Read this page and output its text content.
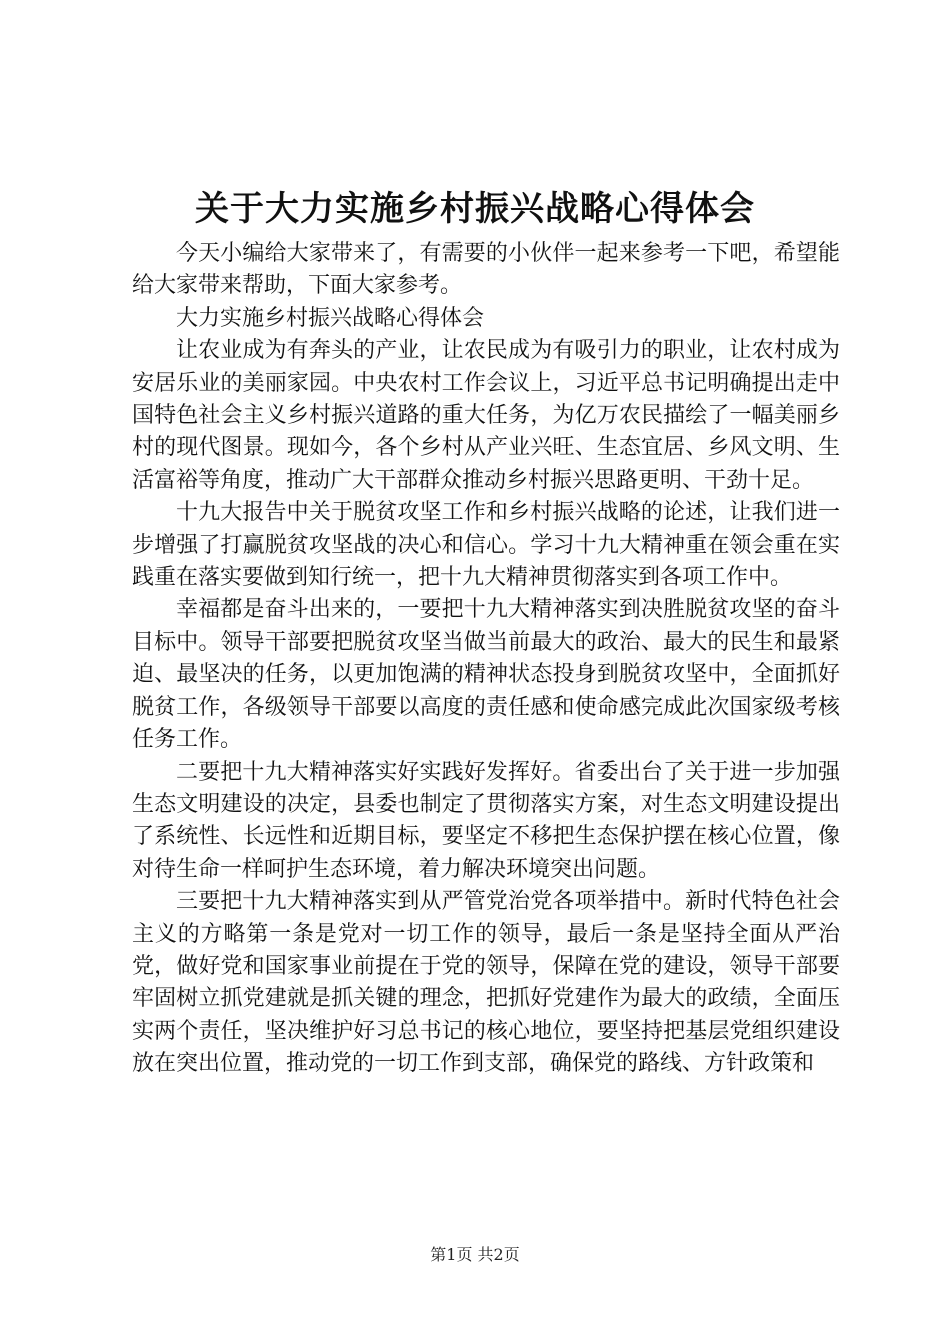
关于大力实施乡村振兴战略心得体会

今天小编给大家带来了，有需要的小伙伴一起来参考一下吧，希望能给大家带来帮助，下面大家参考。

大力实施乡村振兴战略心得体会

让农业成为有奔头的产业，让农民成为有吸引力的职业，让农村成为安居乐业的美丽家园。中央农村工作会议上，习近平总书记明确提出走中国特色社会主义乡村振兴道路的重大任务，为亿万农民描绘了一幅美丽乡村的现代图景。现如今，各个乡村从产业兴旺、生态宜居、乡风文明、生活富裕等角度，推动广大干部群众推动乡村振兴思路更明、干劲十足。

十九大报告中关于脱贫攻坚工作和乡村振兴战略的论述，让我们进一步增强了打赢脱贫攻坚战的决心和信心。学习十九大精神重在领会重在实践重在落实要做到知行统一，把十九大精神贯彻落实到各项工作中。

幸福都是奋斗出来的，一要把十九大精神落实到决胜脱贫攻坚的奋斗目标中。领导干部要把脱贫攻坚当做当前最大的政治、最大的民生和最紧迫、最坚决的任务，以更加饱满的精神状态投身到脱贫攻坚中，全面抓好脱贫工作，各级领导干部要以高度的责任感和使命感完成此次国家级考核任务工作。

二要把十九大精神落实好实践好发挥好。省委出台了关于进一步加强生态文明建设的决定，县委也制定了贯彻落实方案，对生态文明建设提出了系统性、长远性和近期目标，要坚定不移把生态保护摆在核心位置，像对待生命一样呵护生态环境，着力解决环境突出问题。

三要把十九大精神落实到从严管党治党各项举措中。新时代特色社会主义的方略第一条是党对一切工作的领导，最后一条是坚持全面从严治党，做好党和国家事业前提在于党的领导，保障在党的建设，领导干部要牢固树立抓党建就是抓关键的理念，把抓好党建作为最大的政绩，全面压实两个责任，坚决维护好习总书记的核心地位，要坚持把基层党组织建设放在突出位置，推动党的一切工作到支部，确保党的路线、方针政策和

第1页 共2页
